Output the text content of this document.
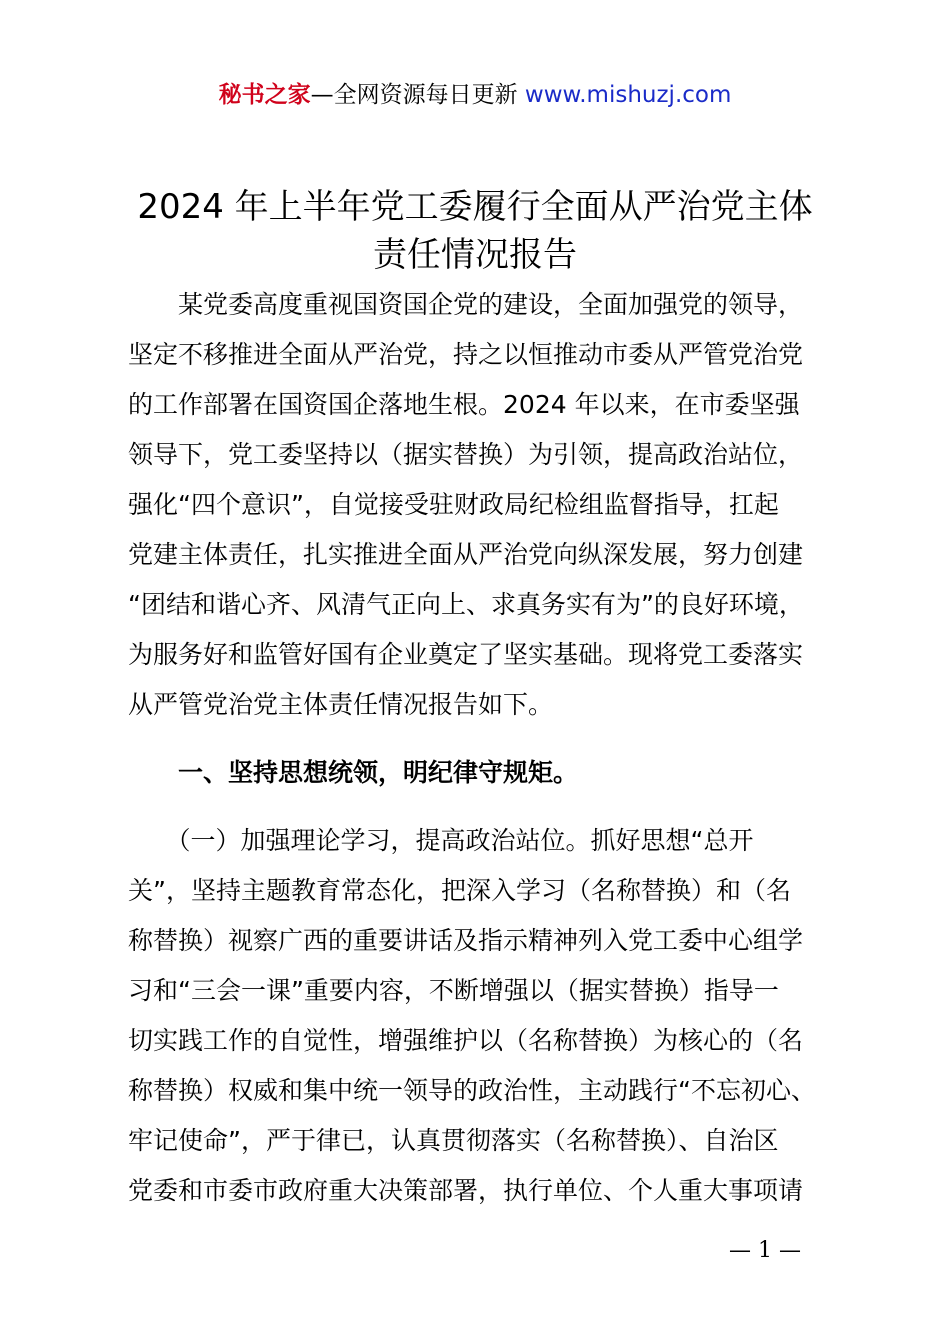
秘书之家—全网资源每日更新 www.mishuzj.com
2024 年上半年党工委履行全面从严治党主体
责任情况报告
　　某党委高度重视国资国企党的建设，全面加强党的领导，
坚定不移推进全面从严治党，持之以恒推动市委从严管党治党
的工作部署在国资国企落地生根。2024 年以来，在市委坚强
领导下，党工委坚持以（据实替换）为引领，提高政治站位，
强化“四个意识”，自觉接受驻财政局纪检组监督指导，扛起
党建主体责任，扎实推进全面从严治党向纵深发展，努力创建
“团结和谐心齐、风清气正向上、求真务实有为”的良好环境，
为服务好和监管好国有企业奠定了坚实基础。现将党工委落实
从严管党治党主体责任情况报告如下。
　　一、坚持思想统领，明纪律守规矩。
　　（一）加强理论学习，提高政治站位。抓好思想“总开
关”，坚持主题教育常态化，把深入学习（名称替换）和（名
称替换）视察广西的重要讲话及指示精神列入党工委中心组学
习和“三会一课”重要内容，不断增强以（据实替换）指导一
切实践工作的自觉性，增强维护以（名称替换）为核心的（名
称替换）权威和集中统一领导的政治性，主动践行“不忘初心、
牢记使命”，严于律已，认真贯彻落实（名称替换）、自治区
党委和市委市政府重大决策部署，执行单位、个人重大事项请
— 1 —
